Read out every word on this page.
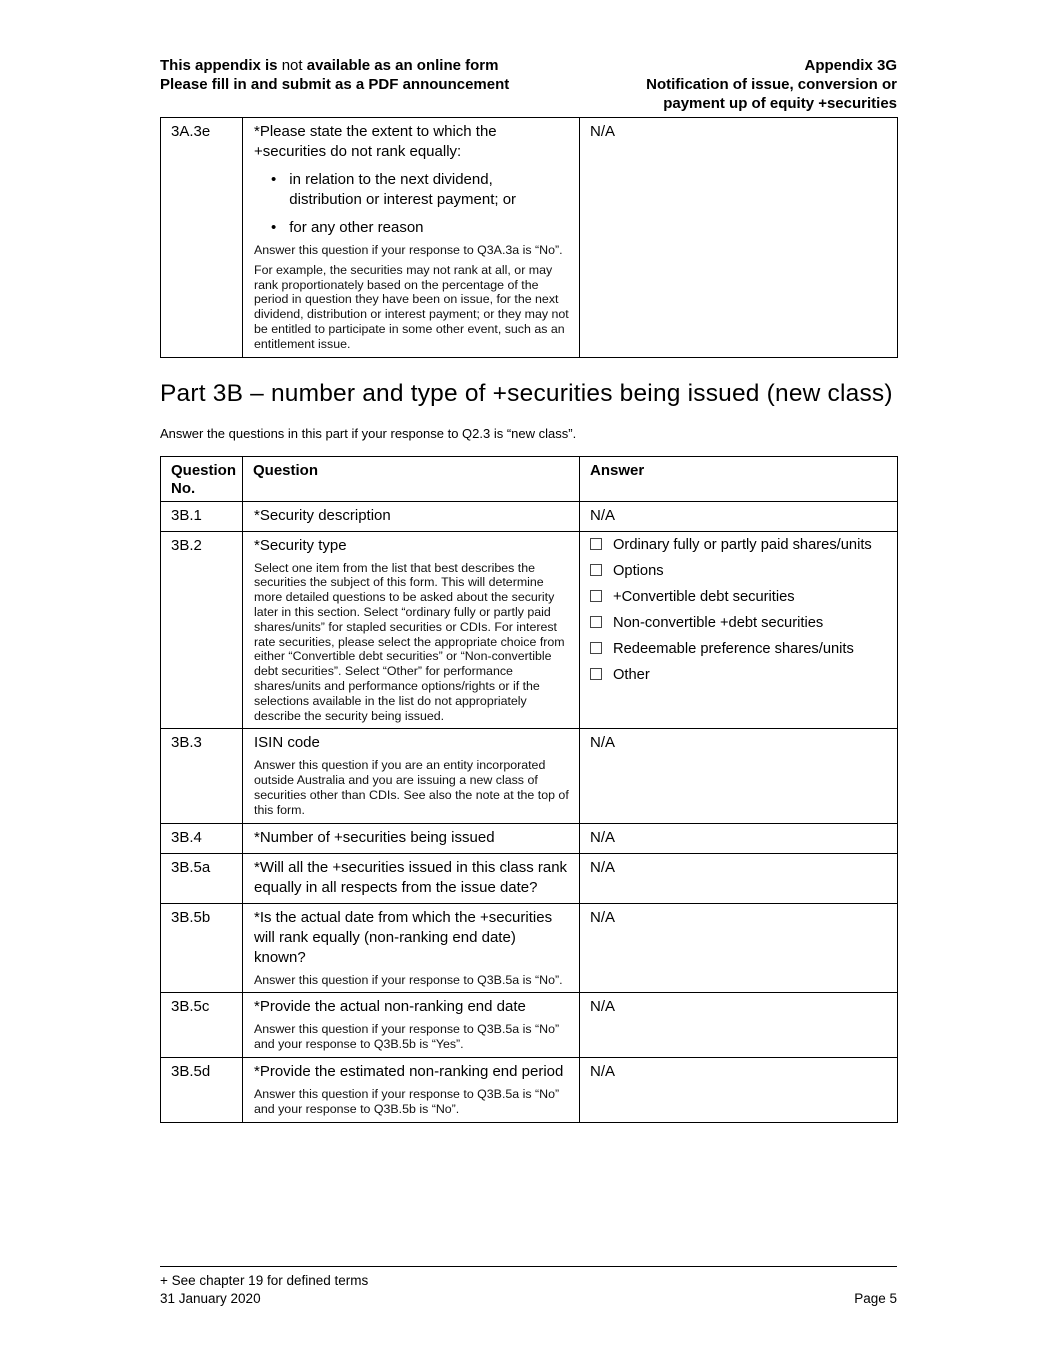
This appendix is not available as an online form
Please fill in and submit as a PDF announcement
Appendix 3G
Notification of issue, conversion or
payment up of equity +securities
3A.3e	*Please state the extent to which the +securities do not rank equally:
• in relation to the next dividend, distribution or interest payment; or
• for any other reason
Answer this question if your response to Q3A.3a is “No”.
For example, the securities may not rank at all, or may rank proportionately based on the percentage of the period in question they have been on issue, for the next dividend, distribution or interest payment; or they may not be entitled to participate in some other event, such as an entitlement issue.
	N/A
Part 3B – number and type of +securities being issued (new class)

Answer the questions in this part if your response to Q2.3 is “new class”.

Question No.	Question	Answer
3B.1	*Security description	N/A
3B.2	*Security type
Select one item from the list that best describes the securities the subject of this form. This will determine more detailed questions to be asked about the security later in this section. Select “ordinary fully or partly paid shares/units” for stapled securities or CDIs. For interest rate securities, please select the appropriate choice from either “Convertible debt securities” or “Non-convertible debt securities”. Select “Other” for performance shares/units and performance options/rights or if the selections available in the list do not appropriately describe the security being issued.

Ordinary fully or partly paid shares/units
Options
+Convertible debt securities
Non-convertible +debt securities
Redeemable preference shares/units
Other

3B.3	ISIN code
Answer this question if you are an entity incorporated outside Australia and you are issuing a new class of securities other than CDIs. See also the note at the top of this form.	N/A
3B.4	*Number of +securities being issued	N/A
3B.5a	*Will all the +securities issued in this class rank equally in all respects from the issue date?	N/A
3B.5b	*Is the actual date from which the +securities will rank equally (non-ranking end date) known?
Answer this question if your response to Q3B.5a is “No”.	N/A
3B.5c	*Provide the actual non-ranking end date
Answer this question if your response to Q3B.5a is “No” and your response to Q3B.5b is “Yes”.	N/A
3B.5d	*Provide the estimated non-ranking end period
Answer this question if your response to Q3B.5a is “No” and your response to Q3B.5b is “No”.	N/A
+ See chapter 19 for defined terms
31 January 2020	Page 5
